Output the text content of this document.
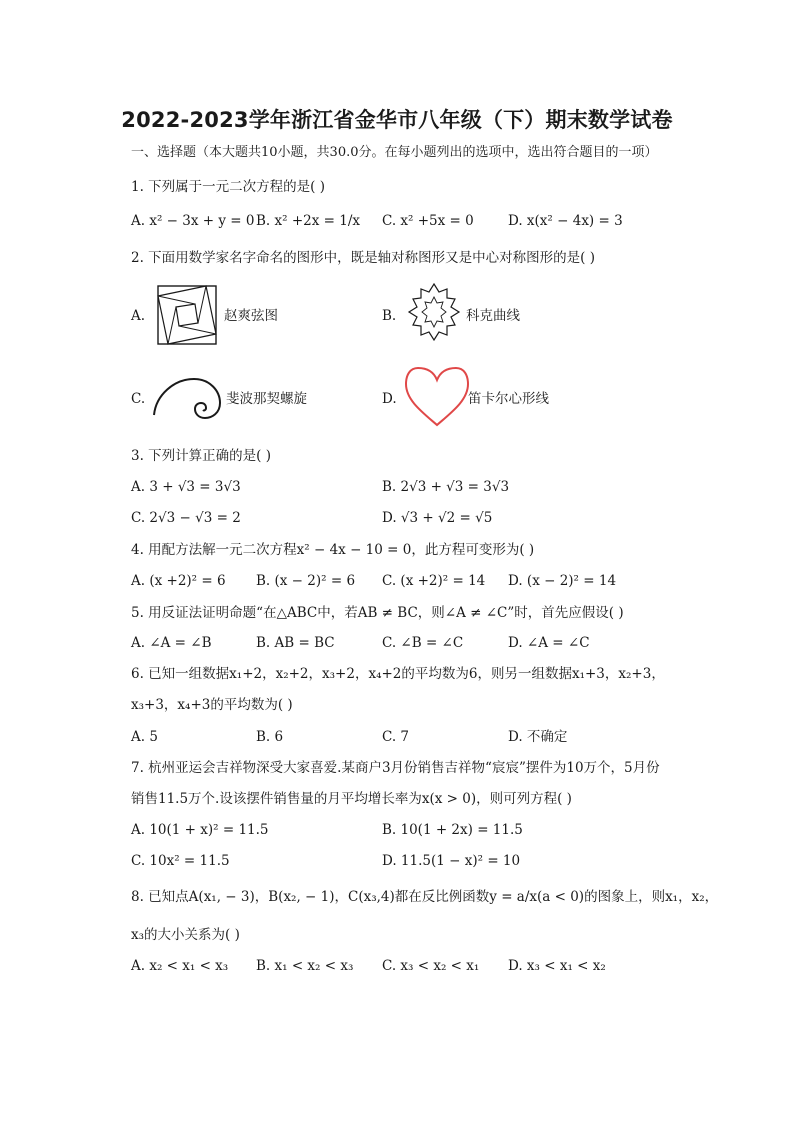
2022-2023学年浙江省金华市八年级（下）期末数学试卷
一、选择题（本大题共10小题，共30.0分。在每小题列出的选项中，选出符合题目的一项）
1. 下列属于一元二次方程的是( )
A. x² − 3x + y = 0 B. x² +2x = 1/x C. x² +5x = 0	D. x(x² − 4x) = 3
2. 下面用数学家名字命名的图形中，既是轴对称图形又是中心对称图形的是( )
A.	赵爽弦图	B.	科克曲线
C.	斐波那契螺旋	D.	笛卡尔心形线
3. 下列计算正确的是( )
A. 3 + √3 = 3√3	B. 2√3 + √3 = 3√3
C. 2√3 − √3 = 2	D. √3 + √2 = √5
4. 用配方法解一元二次方程x² − 4x − 10 = 0，此方程可变形为( )
A. (x +2)² = 6 B. (x − 2)² = 6 C. (x +2)² = 14 D. (x − 2)² = 14
5. 用反证法证明命题“在△ABC中，若AB ≠ BC，则∠A ≠ ∠C”时，首先应假设( )
A. ∠A = ∠B	B. AB = BC	C. ∠B = ∠C	D. ∠A = ∠C
6. 已知一组数据x₁+2，x₂+2，x₃+2，x₄+2的平均数为6，则另一组数据x₁+3，x₂+3，
x₃+3，x₄+3的平均数为( )
A. 5	B. 6	C. 7	D. 不确定
7. 杭州亚运会吉祥物深受大家喜爱.某商户3月份销售吉祥物“宸宸”摆件为10万个，5月份
销售11.5万个.设该摆件销售量的月平均增长率为x(x > 0)，则可列方程( )
A. 10(1 + x)² = 11.5	B. 10(1 + 2x) = 11.5
C. 10x² = 11.5	D. 11.5(1 − x)² = 10
8. 已知点A(x₁, − 3)，B(x₂, − 1)，C(x₃,4)都在反比例函数y = a/x(a < 0)的图象上，则x₁，x₂，
x₃的大小关系为( )
A. x₂ < x₁ < x₃ B. x₁ < x₂ < x₃ C. x₃ < x₂ < x₁ D. x₃ < x₁ < x₂
